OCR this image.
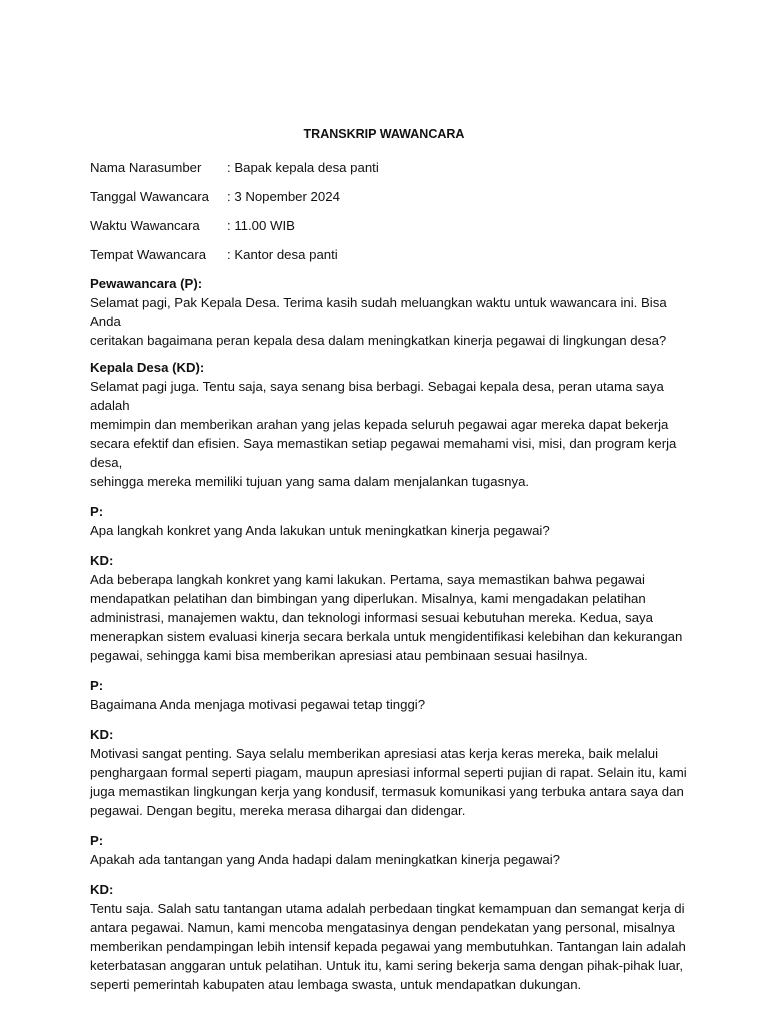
TRANSKRIP WAWANCARA
Nama Narasumber	: Bapak kepala desa panti
Tanggal Wawancara	: 3 Nopember 2024
Waktu Wawancara	: 11.00 WIB
Tempat Wawancara	: Kantor desa panti
Pewawancara (P):
Selamat pagi, Pak Kepala Desa. Terima kasih sudah meluangkan waktu untuk wawancara ini. Bisa Anda
ceritakan bagaimana peran kepala desa dalam meningkatkan kinerja pegawai di lingkungan desa?
Kepala Desa (KD):
Selamat pagi juga. Tentu saja, saya senang bisa berbagi. Sebagai kepala desa, peran utama saya adalah
memimpin dan memberikan arahan yang jelas kepada seluruh pegawai agar mereka dapat bekerja
secara efektif dan efisien. Saya memastikan setiap pegawai memahami visi, misi, dan program kerja desa,
sehingga mereka memiliki tujuan yang sama dalam menjalankan tugasnya.
P:
Apa langkah konkret yang Anda lakukan untuk meningkatkan kinerja pegawai?
KD:
Ada beberapa langkah konkret yang kami lakukan. Pertama, saya memastikan bahwa pegawai
mendapatkan pelatihan dan bimbingan yang diperlukan. Misalnya, kami mengadakan pelatihan
administrasi, manajemen waktu, dan teknologi informasi sesuai kebutuhan mereka. Kedua, saya
menerapkan sistem evaluasi kinerja secara berkala untuk mengidentifikasi kelebihan dan kekurangan
pegawai, sehingga kami bisa memberikan apresiasi atau pembinaan sesuai hasilnya.
P:
Bagaimana Anda menjaga motivasi pegawai tetap tinggi?
KD:
Motivasi sangat penting. Saya selalu memberikan apresiasi atas kerja keras mereka, baik melalui
penghargaan formal seperti piagam, maupun apresiasi informal seperti pujian di rapat. Selain itu, kami
juga memastikan lingkungan kerja yang kondusif, termasuk komunikasi yang terbuka antara saya dan
pegawai. Dengan begitu, mereka merasa dihargai dan didengar.
P:
Apakah ada tantangan yang Anda hadapi dalam meningkatkan kinerja pegawai?
KD:
Tentu saja. Salah satu tantangan utama adalah perbedaan tingkat kemampuan dan semangat kerja di
antara pegawai. Namun, kami mencoba mengatasinya dengan pendekatan yang personal, misalnya
memberikan pendampingan lebih intensif kepada pegawai yang membutuhkan. Tantangan lain adalah
keterbatasan anggaran untuk pelatihan. Untuk itu, kami sering bekerja sama dengan pihak-pihak luar,
seperti pemerintah kabupaten atau lembaga swasta, untuk mendapatkan dukungan.
